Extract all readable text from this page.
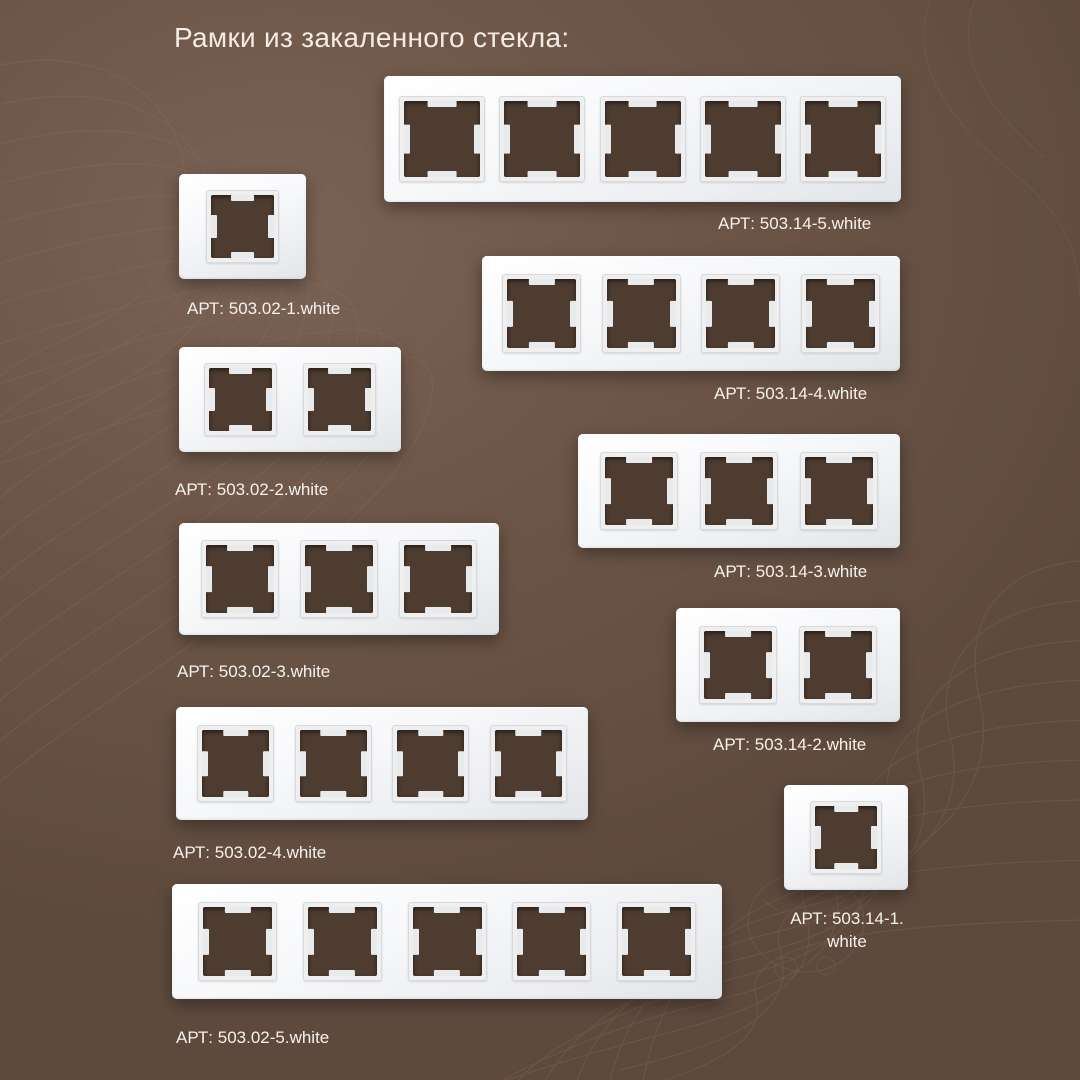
Рамки из закаленного стекла:
АРТ: 503.02-1.white
АРТ: 503.02-2.white
АРТ: 503.02-3.white
АРТ: 503.02-4.white
АРТ: 503.02-5.white
АРТ: 503.14-5.white
АРТ: 503.14-4.white
АРТ: 503.14-3.white
АРТ: 503.14-2.white
АРТ: 503.14-1. white
